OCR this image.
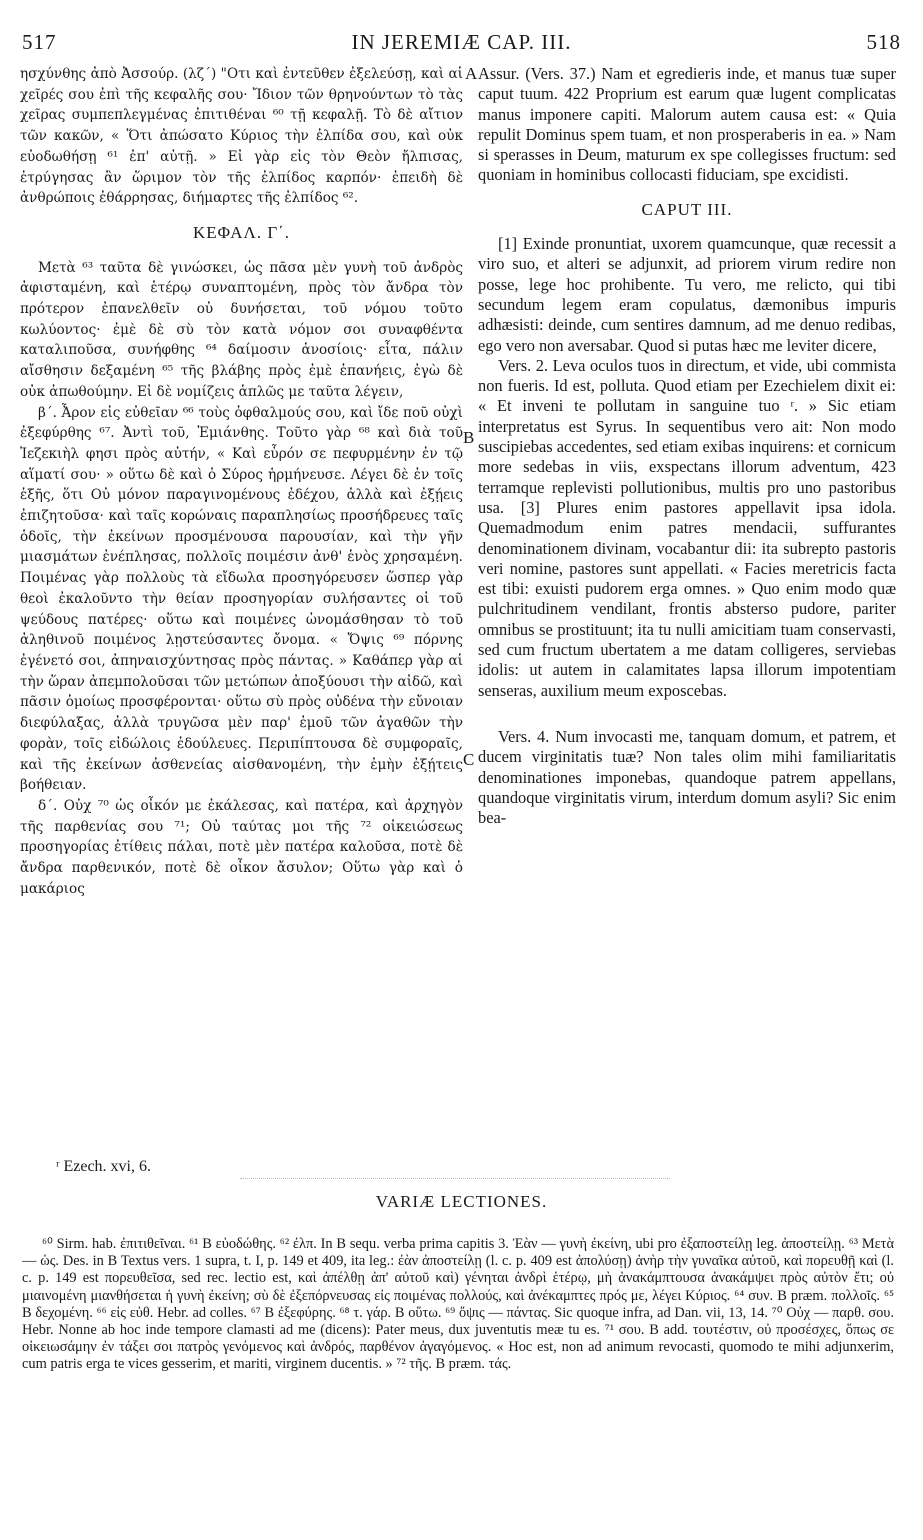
517	IN JEREMIÆ CAP. III.	518

ησχύνθης ἀπὸ Ἀσσούρ. (λζ΄) "Οτι καὶ ἐντεῦθεν ἐξελεύσῃ, καὶ αἱ χεῖρές σου ἐπὶ τῆς κεφαλῆς σου· Ἴδιον τῶν θρηνούντων τὸ τὰς χεῖρας συμπεπλεγμένας ἐπιτιθέναι ⁶⁰ τῇ κεφαλῇ. Τὸ δὲ αἴτιον τῶν κακῶν, « Ὅτι ἀπώσατο Κύριος τὴν ἐλπίδα σου, καὶ οὐκ εὐοδωθήσῃ ⁶¹ ἐπ' αὐτῇ. » Εἰ γὰρ εἰς τὸν Θεὸν ἤλπισας, ἐτρύγησας ἂν ὥριμον τὸν τῆς ἐλπίδος καρπόν· ἐπειδὴ δὲ ἀνθρώποις ἐθάρρησας, διήμαρτες τῆς ἐλπίδος ⁶².

ΚΕΦΑΛ. Γ΄.

Μετὰ ⁶³ ταῦτα δὲ γινώσκει, ὡς πᾶσα μὲν γυνὴ τοῦ ἀνδρὸς ἀφισταμένη, καὶ ἑτέρῳ συναπτομένη, πρὸς τὸν ἄνδρα τὸν πρότερον ἐπανελθεῖν οὐ δυνήσεται, τοῦ νόμου τοῦτο κωλύοντος· ἐμὲ δὲ σὺ τὸν κατὰ νόμον σοι συναφθέντα καταλιποῦσα, συνήφθης ⁶⁴ δαίμοσιν ἀνοσίοις· εἶτα, πάλιν αἴσθησιν δεξαμένη ⁶⁵ τῆς βλάβης πρὸς ἐμὲ ἐπανήεις, ἐγὼ δὲ οὐκ ἀπωθούμην. Εἰ δὲ νομίζεις ἁπλῶς με ταῦτα λέγειν,

β΄. Ἆρον εἰς εὐθεῖαν ⁶⁶ τοὺς ὀφθαλμούς σου, καὶ ἴδε ποῦ οὐχὶ ἐξεφύρθης ⁶⁷. Ἀντὶ τοῦ, Ἐμιάνθης. Τοῦτο γὰρ ⁶⁸ καὶ διὰ τοῦ Ἰεζεκιὴλ φησι πρὸς αὐτήν, « Καὶ εὗρόν σε πεφυρμένην ἐν τῷ αἵματί σου· » οὕτω δὲ καὶ ὁ Σύρος ἡρμήνευσε. Λέγει δὲ ἐν τοῖς ἑξῆς, ὅτι Οὐ μόνον παραγινομένους ἐδέχου, ἀλλὰ καὶ ἐξῄεις ἐπιζητοῦσα· καὶ ταῖς κορώναις παραπλησίως προσήδρευες ταῖς ὁδοῖς, τὴν ἐκείνων προσμένουσα παρουσίαν, καὶ τὴν γῆν μιασμάτων ἐνέπλησας, πολλοῖς ποιμέσιν ἀνθ' ἑνὸς χρησαμένη. Ποιμένας γὰρ πολλοὺς τὰ εἴδωλα προσηγόρευσεν ὥσπερ γὰρ θεοὶ ἐκαλοῦντο τὴν θείαν προσηγορίαν συλήσαντες οἱ τοῦ ψεύδους πατέρες· οὕτω καὶ ποιμένες ὠνομάσθησαν τὸ τοῦ ἀληθινοῦ ποιμένος λῃστεύσαντες ὄνομα. « Ὄψις ⁶⁹ πόρνης ἐγένετό σοι, ἀπηναισχύντησας πρὸς πάντας. » Καθάπερ γὰρ αἱ τὴν ὥραν ἀπεμπολοῦσαι τῶν μετώπων ἀποξύουσι τὴν αἰδῶ, καὶ πᾶσιν ὁμοίως προσφέρονται· οὕτω σὺ πρὸς οὐδένα τὴν εὔνοιαν διεφύλαξας, ἀλλὰ τρυγῶσα μὲν παρ' ἐμοῦ τῶν ἀγαθῶν τὴν φορὰν, τοῖς εἰδώλοις ἐδούλευες. Περιπίπτουσα δὲ συμφοραῖς, καὶ τῆς ἐκείνων ἀσθενείας αἰσθανομένη, τὴν ἐμὴν ἐξῄτεις βοήθειαν.

δ΄. Οὐχ ⁷⁰ ὡς οἶκόν με ἐκάλεσας, καὶ πατέρα, καὶ ἀρχηγὸν τῆς παρθενίας σου ⁷¹; Οὐ ταύτας μοι τῆς ⁷² οἰκειώσεως προσηγορίας ἐτίθεις πάλαι, ποτὲ μὲν πατέρα καλοῦσα, ποτὲ δὲ ἄνδρα παρθενικόν, ποτὲ δὲ οἶκον ἄσυλον; Οὕτω γὰρ καὶ ὁ μακάριος

A
B
C

Assur. (Vers. 37.) Nam et egredieris inde, et manus tuæ super caput tuum. 422 Proprium est earum quæ lugent complicatas manus imponere capiti. Malorum autem causa est: « Quia repulit Dominus spem tuam, et non prosperaberis in ea. » Nam si sperasses in Deum, maturum ex spe collegisses fructum: sed quoniam in hominibus collocasti fiduciam, spe excidisti.

CAPUT III.

[1] Exinde pronuntiat, uxorem quamcunque, quæ recessit a viro suo, et alteri se adjunxit, ad priorem virum redire non posse, lege hoc prohibente. Tu vero, me relicto, qui tibi secundum legem eram copulatus, dæmonibus impuris adhæsisti: deinde, cum sentires damnum, ad me denuo redibas, ego vero non aversabar. Quod si putas hæc me leviter dicere,

Vers. 2. Leva oculos tuos in directum, et vide, ubi commista non fueris. Id est, polluta. Quod etiam per Ezechielem dixit ei: « Et inveni te pollutam in sanguine tuo ʳ. » Sic etiam interpretatus est Syrus. In sequentibus vero ait: Non modo suscipiebas accedentes, sed etiam exibas inquirens: et cornicum more sedebas in viis, exspectans illorum adventum, 423 terramque replevisti pollutionibus, multis pro uno pastoribus usa. [3] Plures enim pastores appellavit ipsa idola. Quemadmodum enim patres mendacii, suffurantes denominationem divinam, vocabantur dii: ita subrepto pastoris veri nomine, pastores sunt appellati. « Facies meretricis facta est tibi: exuisti pudorem erga omnes. » Quo enim modo quæ pulchritudinem vendilant, frontis absterso pudore, pariter omnibus se prostituunt; ita tu nulli amicitiam tuam conservasti, sed cum fructum ubertatem a me datam colligeres, serviebas idolis: ut autem in calamitates lapsa illorum impotentiam senseras, auxilium meum exposcebas.

Vers. 4. Num invocasti me, tanquam domum, et patrem, et ducem virginitatis tuæ? Non tales olim mihi familiaritatis denominationes imponebas, quandoque patrem appellans, quandoque virginitatis virum, interdum domum asyli? Sic enim bea-

ʳ Ezech. xvi, 6.
VARIÆ LECTIONES.

⁶⁰ Sirm. hab. ἐπιτιθεῖναι. ⁶¹ B εὐοδώθης. ⁶² ἐλπ. In B sequ. verba prima capitis 3. Ἐὰν — γυνὴ ἐκείνη, ubi pro ἐξαποστείλῃ leg. ἀποστείλῃ. ⁶³ Μετὰ — ὡς. Des. in B Textus vers. 1 supra, t. I, p. 149 et 409, ita leg.: ἐὰν ἀποστείλῃ (l. c. p. 409 est ἀπολύσῃ) ἀνὴρ τὴν γυναῖκα αὐτοῦ, καὶ πορευθῇ καὶ (l. c. p. 149 est πορευθεῖσα, sed rec. lectio est, καὶ ἀπέλθῃ ἀπ' αὐτοῦ καὶ) γένηται ἀνδρὶ ἑτέρῳ, μὴ ἀνακάμπτουσα ἀνακάμψει πρὸς αὐτὸν ἔτι; οὐ μιαινομένη μιανθήσεται ἡ γυνὴ ἐκείνη; σὺ δὲ ἐξεπόρνευσας εἰς ποιμένας πολλούς, καὶ ἀνέκαμπτες πρός με, λέγει Κύριος. ⁶⁴ συν. B præm. πολλοῖς. ⁶⁵ B δεχομένη. ⁶⁶ εἰς εὐθ. Hebr. ad colles. ⁶⁷ B ἐξεφύρης. ⁶⁸ τ. γάρ. B οὕτω. ⁶⁹ ὄψις — πάντας. Sic quoque infra, ad Dan. vii, 13, 14. ⁷⁰ Οὐχ — παρθ. σου. Hebr. Nonne ab hoc inde tempore clamasti ad me (dicens): Pater meus, dux juventutis meæ tu es. ⁷¹ σου. B add. τουτέστιν, οὐ προσέσχες, ὅπως σε οἰκειωσάμην ἐν τάξει σοι πατρὸς γενόμενος καὶ ἀνδρός, παρθένον ἀγαγόμενος. « Hoc est, non ad animum revocasti, quomodo te mihi adjunxerim, cum patris erga te vices gesserim, et mariti, virginem ducentis. » ⁷² τῆς. B præm. τάς.
